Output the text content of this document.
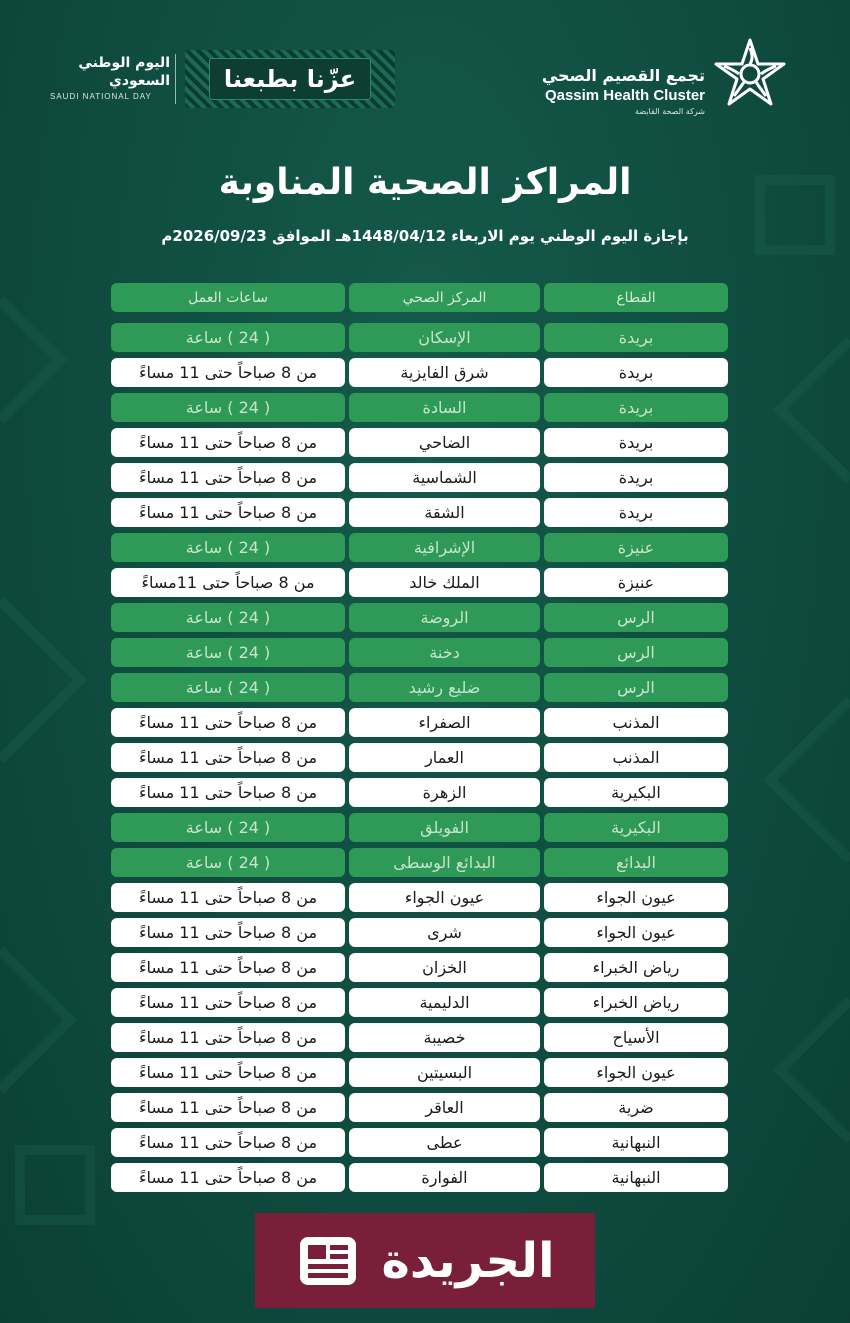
اليوم الوطني
السعودي
SAUDI NATIONAL DAY
عزّنا بطبعنا	تجمع القصيم الصحي
Qassim Health Cluster
شركة الصحة القابضة
المراكز الصحية المناوبة
بإجازة اليوم الوطني يوم الاربعاء 1448/04/12هـ الموافق 2026/09/23م
القطاع
المركز الصحي
ساعات العمل
بريدة
الإسكان
( 24 ) ساعة
بريدة
شرق الفايزية
من 8 صباحاً حتى 11 مساءً
بريدة
السادة
( 24 ) ساعة
بريدة
الضاحي
من 8 صباحاً حتى 11 مساءً
بريدة
الشماسية
من 8 صباحاً حتى 11 مساءً
بريدة
الشقة
من 8 صباحاً حتى 11 مساءً
عنيزة
الإشرافية
( 24 ) ساعة
عنيزة
الملك خالد
من 8 صباحاً حتى 11مساءً
الرس
الروضة
( 24 ) ساعة
الرس
دخنة
( 24 ) ساعة
الرس
ضليع رشيد
( 24 ) ساعة
المذنب
الصفراء
من 8 صباحاً حتى 11 مساءً
المذنب
العمار
من 8 صباحاً حتى 11 مساءً
البكيرية
الزهرة
من 8 صباحاً حتى 11 مساءً
البكيرية
الفويلق
( 24 ) ساعة
البدائع
البدائع الوسطى
( 24 ) ساعة
عيون الجواء
عيون الجواء
من 8 صباحاً حتى 11 مساءً
عيون الجواء
شرى
من 8 صباحاً حتى 11 مساءً
رياض الخبراء
الخزان
من 8 صباحاً حتى 11 مساءً
رياض الخبراء
الدليمية
من 8 صباحاً حتى 11 مساءً
الأسياح
خصيبة
من 8 صباحاً حتى 11 مساءً
عيون الجواء
البسيتين
من 8 صباحاً حتى 11 مساءً
ضرية
العاقر
من 8 صباحاً حتى 11 مساءً
النبهانية
عطى
من 8 صباحاً حتى 11 مساءً
النبهانية
الفوارة
من 8 صباحاً حتى 11 مساءً
الجريدة
